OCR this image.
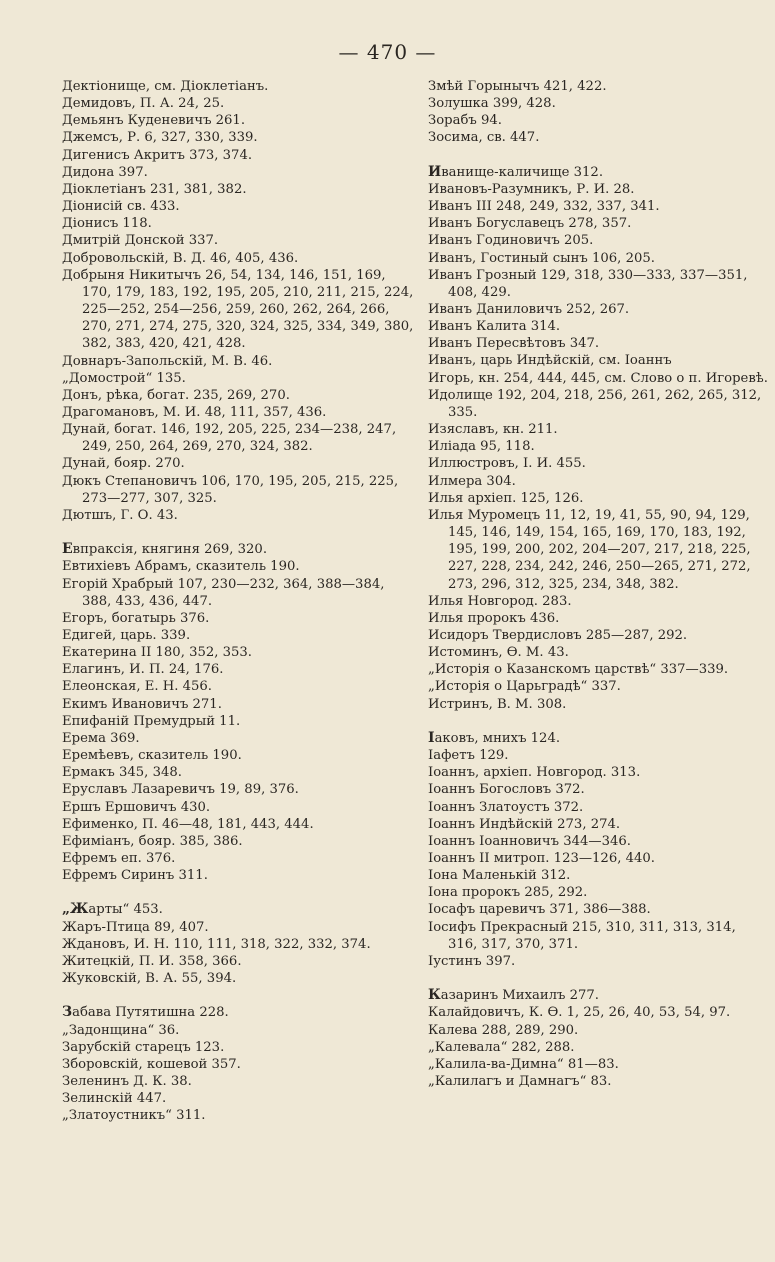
— 470 —
Дектіонище, см. Діоклетіанъ.
Демидовъ, П. А. 24, 25.
Демьянъ Куденевичъ 261.
Джемсъ, Р. 6, 327, 330, 339.
Дигенисъ Акритъ 373, 374.
Дидона 397.
Діоклетіанъ 231, 381, 382.
Діонисій св. 433.
Діонисъ 118.
Дмитрій Донской 337.
Добровольскій, В. Д. 46, 405, 436.
Добрыня Никитычъ 26, 54, 134, 146, 151, 169, 170, 179, 183, 192, 195, 205, 210, 211, 215, 224, 225—252, 254—256, 259, 260, 262, 264, 266, 270, 271, 274, 275, 320, 324, 325, 334, 349, 380, 382, 383, 420, 421, 428.
Довнаръ-Запольскій, М. В. 46.
„Домострой“ 135.
Донъ, рѣка, богат. 235, 269, 270.
Драгомановъ, М. И. 48, 111, 357, 436.
Дунай, богат. 146, 192, 205, 225, 234—238, 247, 249, 250, 264, 269, 270, 324, 382.
Дунай, бояр. 270.
Дюкъ Степановичъ 106, 170, 195, 205, 215, 225, 273—277, 307, 325.
Дютшъ, Г. О. 43.
Евпраксія, княгиня 269, 320.
Евтихіевъ Абрамъ, сказитель 190.
Егорій Храбрый 107, 230—232, 364, 388—384, 388, 433, 436, 447.
Егоръ, богатырь 376.
Едигей, царь. 339.
Екатерина II 180, 352, 353.
Елагинъ, И. П. 24, 176.
Елеонская, Е. Н. 456.
Екимъ Ивановичъ 271.
Епифаній Премудрый 11.
Ерема 369.
Еремѣевъ, сказитель 190.
Ермакъ 345, 348.
Еруславъ Лазаревичъ 19, 89, 376.
Ершъ Ершовичъ 430.
Ефименко, П. 46—48, 181, 443, 444.
Ефиміанъ, бояр. 385, 386.
Ефремъ еп. 376.
Ефремъ Сиринъ 311.
„Жарты“ 453.
Жаръ-Птица 89, 407.
Ждановъ, И. Н. 110, 111, 318, 322, 332, 374.
Житецкій, П. И. 358, 366.
Жуковскій, В. А. 55, 394.
Забава Путятишна 228.
„Задонщина“ 36.
Зарубскій старецъ 123.
Зборовскій, кошевой 357.
Зеленинъ Д. К. 38.
Зелинскій 447.
„Златоустникъ“ 311.
Змѣй Горынычъ 421, 422.
Золушка 399, 428.
Зорабъ 94.
Зосима, св. 447.
Иванище-каличище 312.
Ивановъ-Разумникъ, Р. И. 28.
Иванъ III 248, 249, 332, 337, 341.
Иванъ Богуславецъ 278, 357.
Иванъ Годиновичъ 205.
Иванъ, Гостиный сынъ 106, 205.
Иванъ Грозный 129, 318, 330—333, 337—351, 408, 429.
Иванъ Даниловичъ 252, 267.
Иванъ Калита 314.
Иванъ Пересвѣтовъ 347.
Иванъ, царь Индѣйскій, см. Іоаннъ
Игорь, кн. 254, 444, 445, см. Слово о п. Игоревѣ.
Идолище 192, 204, 218, 256, 261, 262, 265, 312, 335.
Изяславъ, кн. 211.
Иліада 95, 118.
Иллюстровъ, І. И. 455.
Илмера 304.
Илья архіеп. 125, 126.
Илья Муромецъ 11, 12, 19, 41, 55, 90, 94, 129, 145, 146, 149, 154, 165, 169, 170, 183, 192, 195, 199, 200, 202, 204—207, 217, 218, 225, 227, 228, 234, 242, 246, 250—265, 271, 272, 273, 296, 312, 325, 234, 348, 382.
Илья Новгород. 283.
Илья пророкъ 436.
Исидоръ Твердисловъ 285—287, 292.
Истоминъ, Ѳ. М. 43.
„Исторія о Казанскомъ царствѣ“ 337—339.
„Исторія о Царьградѣ“ 337.
Истринъ, В. М. 308.
Іаковъ, мнихъ 124.
Іафетъ 129.
Іоаннъ, архіеп. Новгород. 313.
Іоаннъ Богословъ 372.
Іоаннъ Златоустъ 372.
Іоаннъ Индѣйскій 273, 274.
Іоаннъ Іоанновичъ 344—346.
Іоаннъ II митроп. 123—126, 440.
Іона Маленькій 312.
Іона пророкъ 285, 292.
Іосафъ царевичъ 371, 386—388.
Іосифъ Прекрасный 215, 310, 311, 313, 314, 316, 317, 370, 371.
Іустинъ 397.
Казаринъ Михаилъ 277.
Калайдовичъ, К. Ѳ. 1, 25, 26, 40, 53, 54, 97.
Калева 288, 289, 290.
„Калевала“ 282, 288.
„Калила-ва-Димна“ 81—83.
„Калилагъ и Дамнагъ“ 83.
